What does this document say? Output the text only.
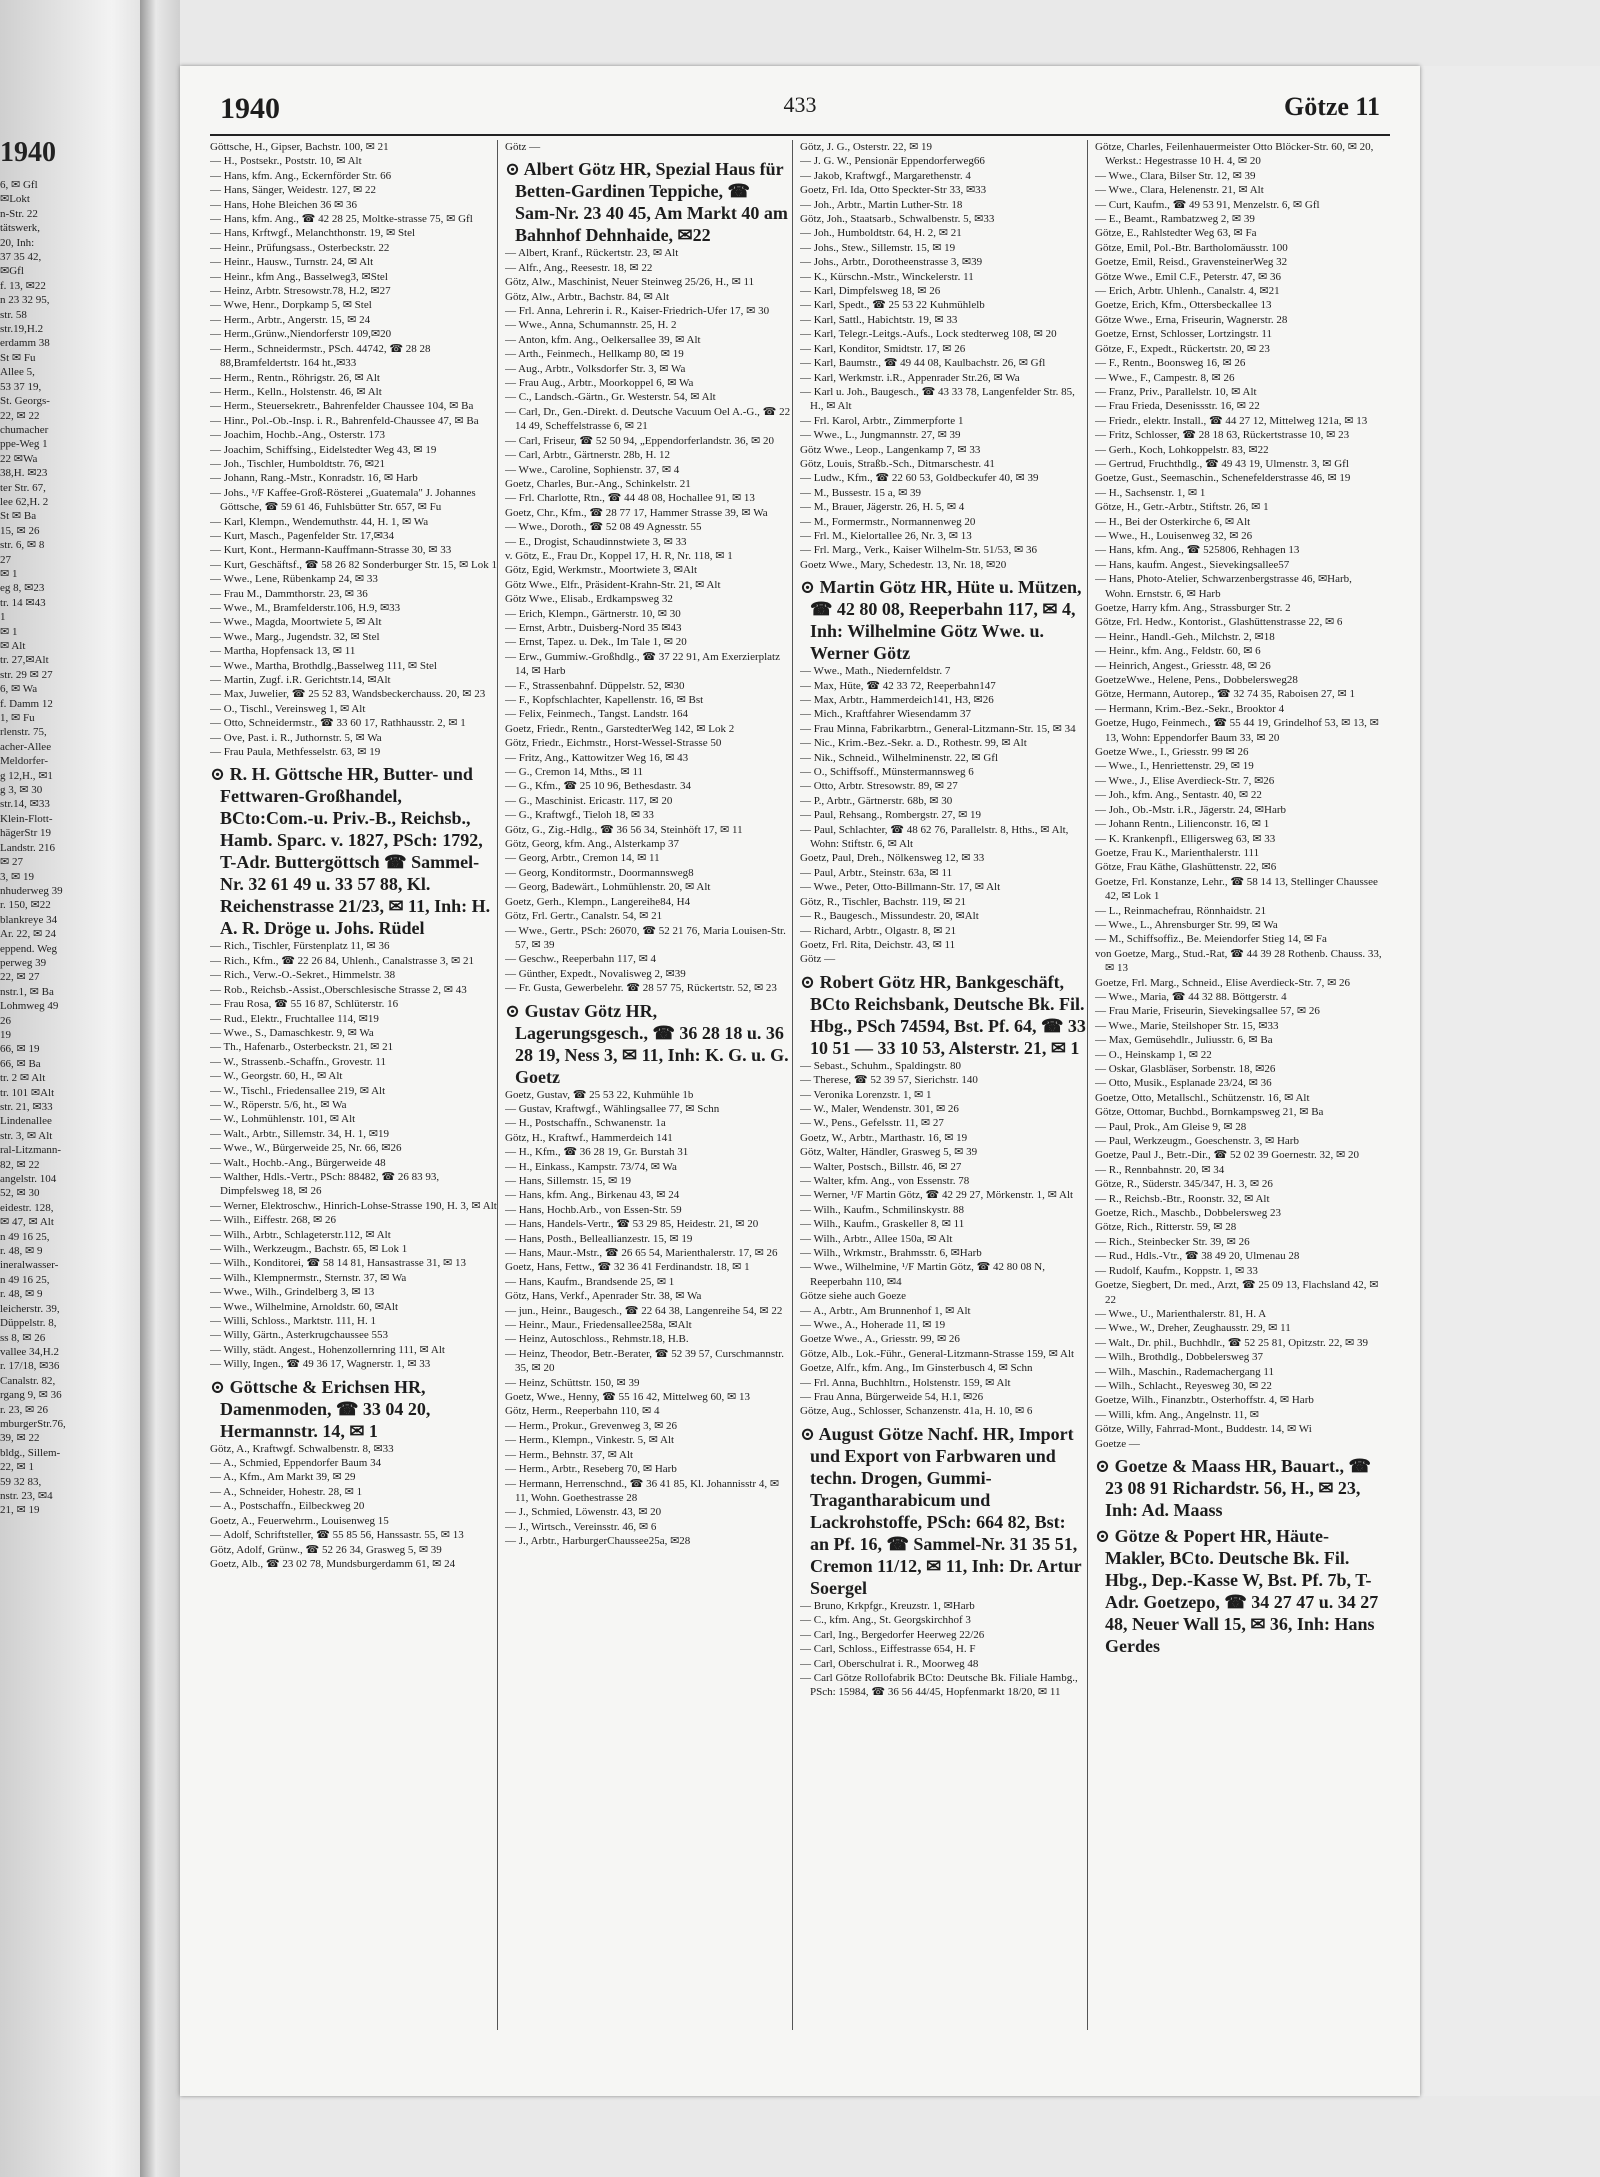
1940
6, ✉ Gfl
✉Lokt
n-Str. 22
tätswerk,
20, Inh:
37 35 42,
✉Gfl
f. 13, ✉22
n 23 32 95,
str. 58
str.19,H.2
erdamm 38
St ✉ Fu
Allee 5,
53 37 19,
St. Georgs-
22, ✉ 22
chumacher
ppe-Weg 1
22 ✉Wa
38,H. ✉23
ter Str. 67,
lee 62,H. 2
St ✉ Ba
15, ✉ 26
str. 6, ✉ 8
27
✉ 1
eg 8, ✉23
tr. 14 ✉43
1
✉ 1
✉ Alt
tr. 27,✉Alt
str. 29 ✉ 27
6, ✉ Wa
f. Damm 12
1, ✉ Fu
rlenstr. 75,
acher-Allee
Meldorfer-
g 12,H., ✉1
g 3, ✉ 30
str.14, ✉33
Klein-Flott-
hägerStr 19
Landstr. 216
✉ 27
3, ✉ 19
nhuderweg 39
r. 150, ✉22
blankreye 34
Ar. 22, ✉ 24
eppend. Weg
perweg 39
22, ✉ 27
nstr.1, ✉ Ba
Lohmweg 49
26
19
66, ✉ 19
66, ✉ Ba
tr. 2 ✉ Alt
tr. 101 ✉Alt
str. 21, ✉33
Lindenallee
str. 3, ✉ Alt
ral-Litzmann-
82, ✉ 22
angelstr. 104
52, ✉ 30
eidestr. 128,
✉ 47, ✉ Alt
n 49 16 25,
r. 48, ✉ 9
ineralwasser-
n 49 16 25,
r. 48, ✉ 9
leicherstr. 39,
Düppelstr. 8,
ss 8, ✉ 26
vallee 34,H.2
r. 17/18, ✉36
Canalstr. 82,
rgang 9, ✉ 36
r. 23, ✉ 26
mburgerStr.76,
39, ✉ 22
bldg., Sillem-
22, ✉ 1
59 32 83,
nstr. 23, ✉4
21, ✉ 19
1940	433	Götze 11
Göttsche, H., Gipser, Bachstr. 100, ✉ 21
— H., Postsekr., Poststr. 10, ✉ Alt
— Hans, kfm. Ang., Eckernförder Str. 66
— Hans, Sänger, Weidestr. 127, ✉ 22
— Hans, Hohe Bleichen 36 ✉ 36
— Hans, kfm. Ang., ☎ 42 28 25, Moltke-strasse 75, ✉ Gfl
— Hans, Krftwgf., Melanchthonstr. 19, ✉ Stel
— Heinr., Prüfungsass., Osterbeckstr. 22
— Heinr., Hausw., Turnstr. 24, ✉ Alt
— Heinr., kfm Ang., Basselweg3, ✉Stel
— Heinz, Arbtr. Stresowstr.78, H.2, ✉27
— Wwe, Henr., Dorpkamp 5, ✉ Stel
— Herm., Arbtr., Angerstr. 15, ✉ 24
— Herm.,Grünw.,Niendorferstr 109,✉20
— Herm., Schneidermstr., PSch. 44742, ☎ 28 28 88,Bramfeldertstr. 164 ht.,✉33
— Herm., Rentn., Röhrigstr. 26, ✉ Alt
— Herm., Kelln., Holstenstr. 46, ✉ Alt
— Herm., Steuersekretr., Bahrenfelder Chaussee 104, ✉ Ba
— Hinr., Pol.-Ob.-Insp. i. R., Bahrenfeld-Chaussee 47, ✉ Ba
— Joachim, Hochb.-Ang., Osterstr. 173
— Joachim, Schiffsing., Eidelstedter Weg 43, ✉ 19
— Joh., Tischler, Humboldtstr. 76, ✉21
— Johann, Rang.-Mstr., Konradstr. 16, ✉ Harb
— Johs., ¹/F Kaffee-Groß-Rösterei „Guatemala" J. Johannes Göttsche, ☎ 59 61 46, Fuhlsbütter Str. 657, ✉ Fu
— Karl, Klempn., Wendemuthstr. 44, H. 1, ✉ Wa
— Kurt, Masch., Pagenfelder Str. 17,✉34
— Kurt, Kont., Hermann-Kauffmann-Strasse 30, ✉ 33
— Kurt, Geschäftsf., ☎ 58 26 82 Sonderburger Str. 15, ✉ Lok 1
— Wwe., Lene, Rübenkamp 24, ✉ 33
— Frau M., Dammthorstr. 23, ✉ 36
— Wwe., M., Bramfelderstr.106, H.9, ✉33
— Wwe., Magda, Moortwiete 5, ✉ Alt
— Wwe., Marg., Jugendstr. 32, ✉ Stel
— Martha, Hopfensack 13, ✉ 11
— Wwe., Martha, Brothdlg.,Basselweg 111, ✉ Stel
— Martin, Zugf. i.R. Gerichtstr.14, ✉Alt
— Max, Juwelier, ☎ 25 52 83, Wandsbeckerchauss. 20, ✉ 23
— O., Tischl., Vereinsweg 1, ✉ Alt
— Otto, Schneidermstr., ☎ 33 60 17, Rathhausstr. 2, ✉ 1
— Ove, Past. i. R., Juthornstr. 5, ✉ Wa
— Frau Paula, Methfesselstr. 63, ✉ 19
⊙ R. H. Göttsche HR, Butter- und Fettwaren-Großhandel, BCto:Com.-u. Priv.-B., Reichsb., Hamb. Sparc. v. 1827, PSch: 1792, T-Adr. Buttergöttsch ☎ Sammel-Nr. 32 61 49 u. 33 57 88, Kl. Reichenstrasse 21/23, ✉ 11, Inh: H. A. R. Dröge u. Johs. Rüdel
— Rich., Tischler, Fürstenplatz 11, ✉ 36
— Rich., Kfm., ☎ 22 26 84, Uhlenh., Canalstrasse 3, ✉ 21
— Rich., Verw.-O.-Sekret., Himmelstr. 38
— Rob., Reichsb.-Assist.,Oberschlesische Strasse 2, ✉ 43
— Frau Rosa, ☎ 55 16 87, Schlüterstr. 16
— Rud., Elektr., Fruchtallee 114, ✉19
— Wwe., S., Damaschkestr. 9, ✉ Wa
— Th., Hafenarb., Osterbeckstr. 21, ✉ 21
— W., Strassenb.-Schaffn., Grovestr. 11
— W., Georgstr. 60, H., ✉ Alt
— W., Tischl., Friedensallee 219, ✉ Alt
— W., Röperstr. 5/6, ht., ✉ Wa
— W., Lohmühlenstr. 101, ✉ Alt
— Walt., Arbtr., Sillemstr. 34, H. 1, ✉19
— Wwe., W., Bürgerweide 25, Nr. 66, ✉26
— Walt., Hochb.-Ang., Bürgerweide 48
— Walther, Hdls.-Vertr., PSch: 88482, ☎ 26 83 93, Dimpfelsweg 18, ✉ 26
— Werner, Elektroschw., Hinrich-Lohse-Strasse 190, H. 3, ✉ Alt
— Wilh., Eiffestr. 268, ✉ 26
— Wilh., Arbtr., Schlageterstr.112, ✉ Alt
— Wilh., Werkzeugm., Bachstr. 65, ✉ Lok 1
— Wilh., Konditorei, ☎ 58 14 81, Hansastrasse 31, ✉ 13
— Wilh., Klempnermstr., Sternstr. 37, ✉ Wa
— Wwe., Wilh., Grindelberg 3, ✉ 13
— Wwe., Wilhelmine, Arnoldstr. 60, ✉Alt
— Willi, Schloss., Marktstr. 111, H. 1
— Willy, Gärtn., Asterkrugchaussee 553
— Willy, städt. Angest., Hohenzollernring 111, ✉ Alt
— Willy, Ingen., ☎ 49 36 17, Wagnerstr. 1, ✉ 33
⊙ Göttsche & Erichsen HR, Damenmoden, ☎ 33 04 20, Hermannstr. 14, ✉ 1
Götz, A., Kraftwgf. Schwalbenstr. 8, ✉33
— A., Schmied, Eppendorfer Baum 34
— A., Kfm., Am Markt 39, ✉ 29
— A., Schneider, Hohestr. 28, ✉ 1
— A., Postschaffn., Eilbeckweg 20
Goetz, A., Feuerwehrm., Louisenweg 15
— Adolf, Schriftsteller, ☎ 55 85 56, Hanssastr. 55, ✉ 13
Götz, Adolf, Grünw., ☎ 52 26 34, Grasweg 5, ✉ 39
Goetz, Alb., ☎ 23 02 78, Mundsburgerdamm 61, ✉ 24
Götz —
⊙ Albert Götz HR, Spezial Haus für Betten-Gardinen Teppiche, ☎ Sam-Nr. 23 40 45, Am Markt 40 am Bahnhof Dehnhaide, ✉22
— Albert, Kranf., Rückertstr. 23, ✉ Alt
— Alfr., Ang., Reesestr. 18, ✉ 22
Götz, Alw., Maschinist, Neuer Steinweg 25/26, H., ✉ 11
Götz, Alw., Arbtr., Bachstr. 84, ✉ Alt
— Frl. Anna, Lehrerin i. R., Kaiser-Friedrich-Ufer 17, ✉ 30
— Wwe., Anna, Schumannstr. 25, H. 2
— Anton, kfm. Ang., Oelkersallee 39, ✉ Alt
— Arth., Feinmech., Hellkamp 80, ✉ 19
— Aug., Arbtr., Volksdorfer Str. 3, ✉ Wa
— Frau Aug., Arbtr., Moorkoppel 6, ✉ Wa
— C., Landsch.-Gärtn., Gr. Westerstr. 54, ✉ Alt
— Carl, Dr., Gen.-Direkt. d. Deutsche Vacuum Oel A.-G., ☎ 22 14 49, Scheffelstrasse 6, ✉ 21
— Carl, Friseur, ☎ 52 50 94, „Eppendorferlandstr. 36, ✉ 20
— Carl, Arbtr., Gärtnerstr. 28b, H. 12
— Wwe., Caroline, Sophienstr. 37, ✉ 4
Goetz, Charles, Bur.-Ang., Schinkelstr. 21
— Frl. Charlotte, Rtn., ☎ 44 48 08, Hochallee 91, ✉ 13
Goetz, Chr., Kfm., ☎ 28 77 17, Hammer Strasse 39, ✉ Wa
— Wwe., Doroth., ☎ 52 08 49 Agnesstr. 55
— E., Drogist, Schaudinnstwiete 3, ✉ 33
v. Götz, E., Frau Dr., Koppel 17, H. R, Nr. 118, ✉ 1
Götz, Egid, Werkmstr., Moortwiete 3, ✉Alt
Götz Wwe., Elfr., Präsident-Krahn-Str. 21, ✉ Alt
Götz Wwe., Elisab., Erdkampsweg 32
— Erich, Klempn., Gärtnerstr. 10, ✉ 30
— Ernst, Arbtr., Duisberg-Nord 35 ✉43
— Ernst, Tapez. u. Dek., Im Tale 1, ✉ 20
— Erw., Gummiw.-Großhdlg., ☎ 37 22 91, Am Exerzierplatz 14, ✉ Harb
— F., Strassenbahnf. Düppelstr. 52, ✉30
— F., Kopfschlachter, Kapellenstr. 16, ✉ Bst
— Felix, Feinmech., Tangst. Landstr. 164
Goetz, Friedr., Rentn., GarstedterWeg 142, ✉ Lok 2
Götz, Friedr., Eichmstr., Horst-Wessel-Strasse 50
— Fritz, Ang., Kattowitzer Weg 16, ✉ 43
— G., Cremon 14, Mths., ✉ 11
— G., Kfm., ☎ 25 10 96, Bethesdastr. 34
— G., Maschinist. Ericastr. 117, ✉ 20
— G., Kraftwgf., Tieloh 18, ✉ 33
Götz, G., Zig.-Hdlg., ☎ 36 56 34, Steinhöft 17, ✉ 11
Götz, Georg, kfm. Ang., Alsterkamp 37
— Georg, Arbtr., Cremon 14, ✉ 11
— Georg, Konditormstr., Doormannsweg8
— Georg, Badewärt., Lohmühlenstr. 20, ✉ Alt
Goetz, Gerh., Klempn., Langereihe84, H4
Götz, Frl. Gertr., Canalstr. 54, ✉ 21
— Wwe., Gertr., PSch: 26070, ☎ 52 21 76, Maria Louisen-Str. 57, ✉ 39
— Geschw., Reeperbahn 117, ✉ 4
— Günther, Expedt., Novalisweg 2, ✉39
— Fr. Gusta, Gewerbelehr. ☎ 28 57 75, Rückertstr. 52, ✉ 23
⊙ Gustav Götz HR, Lagerungsgesch., ☎ 36 28 18 u. 36 28 19, Ness 3, ✉ 11, Inh: K. G. u. G. Goetz
Goetz, Gustav, ☎ 25 53 22, Kuhmühle 1b
— Gustav, Kraftwgf., Wählingsallee 77, ✉ Schn
— H., Postschaffn., Schwanenstr. 1a
Götz, H., Kraftwf., Hammerdeich 141
— H., Kfm., ☎ 36 28 19, Gr. Burstah 31
— H., Einkass., Kampstr. 73/74, ✉ Wa
— Hans, Sillemstr. 15, ✉ 19
— Hans, kfm. Ang., Birkenau 43, ✉ 24
— Hans, Hochb.Arb., von Essen-Str. 59
— Hans, Handels-Vertr., ☎ 53 29 85, Heidestr. 21, ✉ 20
— Hans, Posth., Belleallianzestr. 15, ✉ 19
— Hans, Maur.-Mstr., ☎ 26 65 54, Marienthalerstr. 17, ✉ 26
Goetz, Hans, Fettw., ☎ 32 36 41 Ferdinandstr. 18, ✉ 1
— Hans, Kaufm., Brandsende 25, ✉ 1
Götz, Hans, Verkf., Apenrader Str. 38, ✉ Wa
— jun., Heinr., Baugesch., ☎ 22 64 38, Langenreihe 54, ✉ 22
— Heinr., Maur., Friedensallee258a, ✉Alt
— Heinz, Autoschloss., Rehmstr.18, H.B.
— Heinz, Theodor, Betr.-Berater, ☎ 52 39 57, Curschmannstr. 35, ✉ 20
— Heinz, Schüttstr. 150, ✉ 39
Goetz, Wwe., Henny, ☎ 55 16 42, Mittelweg 60, ✉ 13
Götz, Herm., Reeperbahn 110, ✉ 4
— Herm., Prokur., Grevenweg 3, ✉ 26
— Herm., Klempn., Vinkestr. 5, ✉ Alt
— Herm., Behnstr. 37, ✉ Alt
— Herm., Arbtr., Reseberg 70, ✉ Harb
— Hermann, Herrenschnd., ☎ 36 41 85, Kl. Johannisstr 4, ✉11, Wohn. Goethestrasse 28
— J., Schmied, Löwenstr. 43, ✉ 20
— J., Wirtsch., Vereinsstr. 46, ✉ 6
— J., Arbtr., HarburgerChaussee25a, ✉28
Götz, J. G., Osterstr. 22, ✉ 19
— J. G. W., Pensionär Eppendorferweg66
— Jakob, Kraftwgf., Margarethenstr. 4
Goetz, Frl. Ida, Otto Speckter-Str 33, ✉33
— Joh., Arbtr., Martin Luther-Str. 18
Götz, Joh., Staatsarb., Schwalbenstr. 5, ✉33
— Joh., Humboldtstr. 64, H. 2, ✉ 21
— Johs., Stew., Sillemstr. 15, ✉ 19
— Johs., Arbtr., Dorotheenstrasse 3, ✉39
— K., Kürschn.-Mstr., Winckelerstr. 11
— Karl, Dimpfelsweg 18, ✉ 26
— Karl, Spedt., ☎ 25 53 22 Kuhmühlelb
— Karl, Sattl., Habichtstr. 19, ✉ 33
— Karl, Telegr.-Leitgs.-Aufs., Lock stedterweg 108, ✉ 20
— Karl, Konditor, Smidtstr. 17, ✉ 26
— Karl, Baumstr., ☎ 49 44 08, Kaulbachstr. 26, ✉ Gfl
— Karl, Werkmstr. i.R., Appenrader Str.26, ✉ Wa
— Karl u. Joh., Baugesch., ☎ 43 33 78, Langenfelder Str. 85, H., ✉ Alt
— Frl. Karol, Arbtr., Zimmerpforte 1
— Wwe., L., Jungmannstr. 27, ✉ 39
Götz Wwe., Leop., Langenkamp 7, ✉ 33
Götz, Louis, Straßb.-Sch., Ditmarschestr. 41
— Ludw., Kfm., ☎ 22 60 53, Goldbeckufer 40, ✉ 39
— M., Bussestr. 15 a, ✉ 39
— M., Brauer, Jägerstr. 26, H. 5, ✉ 4
— M., Formermstr., Normannenweg 20
— Frl. M., Kielortallee 26, Nr. 3, ✉ 13
— Frl. Marg., Verk., Kaiser Wilhelm-Str. 51/53, ✉ 36
Goetz Wwe., Mary, Schedestr. 13, Nr. 18, ✉20
⊙ Martin Götz HR, Hüte u. Mützen, ☎ 42 80 08, Reeperbahn 117, ✉ 4, Inh: Wilhelmine Götz Wwe. u. Werner Götz
— Wwe., Math., Niedernfeldstr. 7
— Max, Hüte, ☎ 42 33 72, Reeperbahn147
— Max, Arbtr., Hammerdeich141, H3, ✉26
— Mich., Kraftfahrer Wiesendamm 37
— Frau Minna, Fabrikarbtrn., General-Litzmann-Str. 15, ✉ 34
— Nic., Krim.-Bez.-Sekr. a. D., Rothestr. 99, ✉ Alt
— Nik., Schneid., Wilhelminenstr. 22, ✉ Gfl
— O., Schiffsoff., Münstermannsweg 6
— Otto, Arbtr. Stresowstr. 89, ✉ 27
— P., Arbtr., Gärtnerstr. 68b, ✉ 30
— Paul, Rehsang., Rombergstr. 27, ✉ 19
— Paul, Schlachter, ☎ 48 62 76, Parallelstr. 8, Hths., ✉ Alt, Wohn: Stiftstr. 6, ✉ Alt
Goetz, Paul, Dreh., Nölkensweg 12, ✉ 33
— Paul, Arbtr., Steinstr. 63a, ✉ 11
— Wwe., Peter, Otto-Billmann-Str. 17, ✉ Alt
Götz, R., Tischler, Bachstr. 119, ✉ 21
— R., Baugesch., Missundestr. 20, ✉Alt
— Richard, Arbtr., Olgastr. 8, ✉ 21
Goetz, Frl. Rita, Deichstr. 43, ✉ 11
Götz —
⊙ Robert Götz HR, Bankgeschäft, BCto Reichsbank, Deutsche Bk. Fil. Hbg., PSch 74594, Bst. Pf. 64, ☎ 33 10 51 — 33 10 53, Alsterstr. 21, ✉ 1
— Sebast., Schuhm., Spaldingstr. 80
— Therese, ☎ 52 39 57, Sierichstr. 140
— Veronika Lorenzstr. 1, ✉ 1
— W., Maler, Wendenstr. 301, ✉ 26
— W., Pens., Gefelsstr. 11, ✉ 27
Goetz, W., Arbtr., Marthastr. 16, ✉ 19
Götz, Walter, Händler, Grasweg 5, ✉ 39
— Walter, Postsch., Billstr. 46, ✉ 27
— Walter, kfm. Ang., von Essenstr. 78
— Werner, ¹/F Martin Götz, ☎ 42 29 27, Mörkenstr. 1, ✉ Alt
— Wilh., Kaufm., Schmilinskystr. 88
— Wilh., Kaufm., Graskeller 8, ✉ 11
— Wilh., Arbtr., Allee 150a, ✉ Alt
— Wilh., Wrkmstr., Brahmsstr. 6, ✉Harb
— Wwe., Wilhelmine, ¹/F Martin Götz, ☎ 42 80 08 N, Reeperbahn 110, ✉4
Götze siehe auch Goeze
— A., Arbtr., Am Brunnenhof 1, ✉ Alt
— Wwe., A., Hoherade 11, ✉ 19
Goetze Wwe., A., Griesstr. 99, ✉ 26
Götze, Alb., Lok.-Führ., General-Litzmann-Strasse 159, ✉ Alt
Goetze, Alfr., kfm. Ang., Im Ginsterbusch 4, ✉ Schn
— Frl. Anna, Buchhltrn., Holstenstr. 159, ✉ Alt
— Frau Anna, Bürgerweide 54, H.1, ✉26
Götze, Aug., Schlosser, Schanzenstr. 41a, H. 10, ✉ 6
⊙ August Götze Nachf. HR, Import und Export von Farbwaren und techn. Drogen, Gummi-Tragantharabicum und Lackrohstoffe, PSch: 664 82, Bst: an Pf. 16, ☎ Sammel-Nr. 31 35 51, Cremon 11/12, ✉ 11, Inh: Dr. Artur Soergel
— Bruno, Krkpfgr., Kreuzstr. 1, ✉Harb
— C., kfm. Ang., St. Georgskirchhof 3
— Carl, Ing., Bergedorfer Heerweg 22/26
— Carl, Schloss., Eiffestrasse 654, H. F
— Carl, Oberschulrat i. R., Moorweg 48
— Carl Götze Rollofabrik BCto: Deutsche Bk. Filiale Hambg., PSch: 15984, ☎ 36 56 44/45, Hopfenmarkt 18/20, ✉ 11
Götze, Charles, Feilenhauermeister Otto Blöcker-Str. 60, ✉ 20, Werkst.: Hegestrasse 10 H. 4, ✉ 20
— Wwe., Clara, Bilser Str. 12, ✉ 39
— Wwe., Clara, Helenenstr. 21, ✉ Alt
— Curt, Kaufm., ☎ 49 53 91, Menzelstr. 6, ✉ Gfl
— E., Beamt., Rambatzweg 2, ✉ 39
Götze, E., Rahlstedter Weg 63, ✉ Fa
Götze, Emil, Pol.-Btr. Bartholomäusstr. 100
Goetze, Emil, Reisd., GravensteinerWeg 32
Götze Wwe., Emil C.F., Peterstr. 47, ✉ 36
— Erich, Arbtr. Uhlenh., Canalstr. 4, ✉21
Goetze, Erich, Kfm., Ottersbeckallee 13
Götze Wwe., Erna, Friseurin, Wagnerstr. 28
Goetze, Ernst, Schlosser, Lortzingstr. 11
Götze, F., Expedt., Rückertstr. 20, ✉ 23
— F., Rentn., Boonsweg 16, ✉ 26
— Wwe., F., Campestr. 8, ✉ 26
— Franz, Priv., Parallelstr. 10, ✉ Alt
— Frau Frieda, Desenissstr. 16, ✉ 22
— Friedr., elektr. Install., ☎ 44 27 12, Mittelweg 121a, ✉ 13
— Fritz, Schlosser, ☎ 28 18 63, Rückertstrasse 10, ✉ 23
— Gerh., Koch, Lohkoppelstr. 83, ✉22
— Gertrud, Fruchthdlg., ☎ 49 43 19, Ulmenstr. 3, ✉ Gfl
Goetze, Gust., Seemaschin., Schenefelderstrasse 46, ✉ 19
— H., Sachsenstr. 1, ✉ 1
Götze, H., Getr.-Arbtr., Stiftstr. 26, ✉ 1
— H., Bei der Osterkirche 6, ✉ Alt
— Wwe., H., Louisenweg 32, ✉ 26
— Hans, kfm. Ang., ☎ 525806, Rehhagen 13
— Hans, kaufm. Angest., Sievekingsallee57
— Hans, Photo-Atelier, Schwarzenbergstrasse 46, ✉Harb, Wohn. Ernststr. 6, ✉ Harb
Goetze, Harry kfm. Ang., Strassburger Str. 2
Götze, Frl. Hedw., Kontorist., Glashüttenstrasse 22, ✉ 6
— Heinr., Handl.-Geh., Milchstr. 2, ✉18
— Heinr., kfm. Ang., Feldstr. 60, ✉ 6
— Heinrich, Angest., Griesstr. 48, ✉ 26
GoetzeWwe., Helene, Pens., Dobbelersweg28
Götze, Hermann, Autorep., ☎ 32 74 35, Raboisen 27, ✉ 1
— Hermann, Krim.-Bez.-Sekr., Brooktor 4
Goetze, Hugo, Feinmech., ☎ 55 44 19, Grindelhof 53, ✉ 13, ✉ 13, Wohn: Eppendorfer Baum 33, ✉ 20
Goetze Wwe., I., Griesstr. 99 ✉ 26
— Wwe., I., Henriettenstr. 29, ✉ 19
— Wwe., J., Elise Averdieck-Str. 7, ✉26
— Joh., kfm. Ang., Sentastr. 40, ✉ 22
— Joh., Ob.-Mstr. i.R., Jägerstr. 24, ✉Harb
— Johann Rentn., Lilienconstr. 16, ✉ 1
— K. Krankenpfl., Elligersweg 63, ✉ 33
Goetze, Frau K., Marienthalerstr. 111
Götze, Frau Käthe, Glashüttenstr. 22, ✉6
Goetze, Frl. Konstanze, Lehr., ☎ 58 14 13, Stellinger Chaussee 42, ✉ Lok 1
— L., Reinmachefrau, Rönnhaidstr. 21
— Wwe., L., Ahrensburger Str. 99, ✉ Wa
— M., Schiffsoffiz., Be. Meiendorfer Stieg 14, ✉ Fa
von Goetze, Marg., Stud.-Rat, ☎ 44 39 28 Rothenb. Chauss. 33, ✉ 13
Goetze, Frl. Marg., Schneid., Elise Averdieck-Str. 7, ✉ 26
— Wwe., Maria, ☎ 44 32 88. Böttgerstr. 4
— Frau Marie, Friseurin, Sievekingsallee 57, ✉ 26
— Wwe., Marie, Steilshoper Str. 15, ✉33
— Max, Gemüsehdlr., Juliusstr. 6, ✉ Ba
— O., Heinskamp 1, ✉ 22
— Oskar, Glasbläser, Sorbenstr. 18, ✉26
— Otto, Musik., Esplanade 23/24, ✉ 36
Goetze, Otto, Metallschl., Schützenstr. 16, ✉ Alt
Götze, Ottomar, Buchbd., Bornkampsweg 21, ✉ Ba
— Paul, Prok., Am Gleise 9, ✉ 28
— Paul, Werkzeugm., Goeschenstr. 3, ✉ Harb
Goetze, Paul J., Betr.-Dir., ☎ 52 02 39 Goernestr. 32, ✉ 20
— R., Rennbahnstr. 20, ✉ 34
Götze, R., Süderstr. 345/347, H. 3, ✉ 26
— R., Reichsb.-Btr., Roonstr. 32, ✉ Alt
Goetze, Rich., Maschb., Dobbelersweg 23
Götze, Rich., Ritterstr. 59, ✉ 28
— Rich., Steinbecker Str. 39, ✉ 26
— Rud., Hdls.-Vtr., ☎ 38 49 20, Ulmenau 28
— Rudolf, Kaufm., Koppstr. 1, ✉ 33
Goetze, Siegbert, Dr. med., Arzt, ☎ 25 09 13, Flachsland 42, ✉ 22
— Wwe., U., Marienthalerstr. 81, H. A
— Wwe., W., Dreher, Zeughausstr. 29, ✉ 11
— Walt., Dr. phil., Buchhdlr., ☎ 52 25 81, Opitzstr. 22, ✉ 39
— Wilh., Brothdlg., Dobbelersweg 37
— Wilh., Maschin., Rademachergang 11
— Wilh., Schlacht., Reyesweg 30, ✉ 22
Goetze, Wilh., Finanzbtr., Osterhoffstr. 4, ✉ Harb
— Willi, kfm. Ang., Angelnstr. 11, ✉
Götze, Willy, Fahrrad-Mont., Buddestr. 14, ✉ Wi
Goetze —
⊙ Goetze & Maass HR, Bauart., ☎ 23 08 91 Richardstr. 56, H., ✉ 23, Inh: Ad. Maass
⊙ Götze & Popert HR, Häute-Makler, BCto. Deutsche Bk. Fil. Hbg., Dep.-Kasse W, Bst. Pf. 7b, T-Adr. Goetzepo, ☎ 34 27 47 u. 34 27 48, Neuer Wall 15, ✉ 36, Inh: Hans Gerdes
